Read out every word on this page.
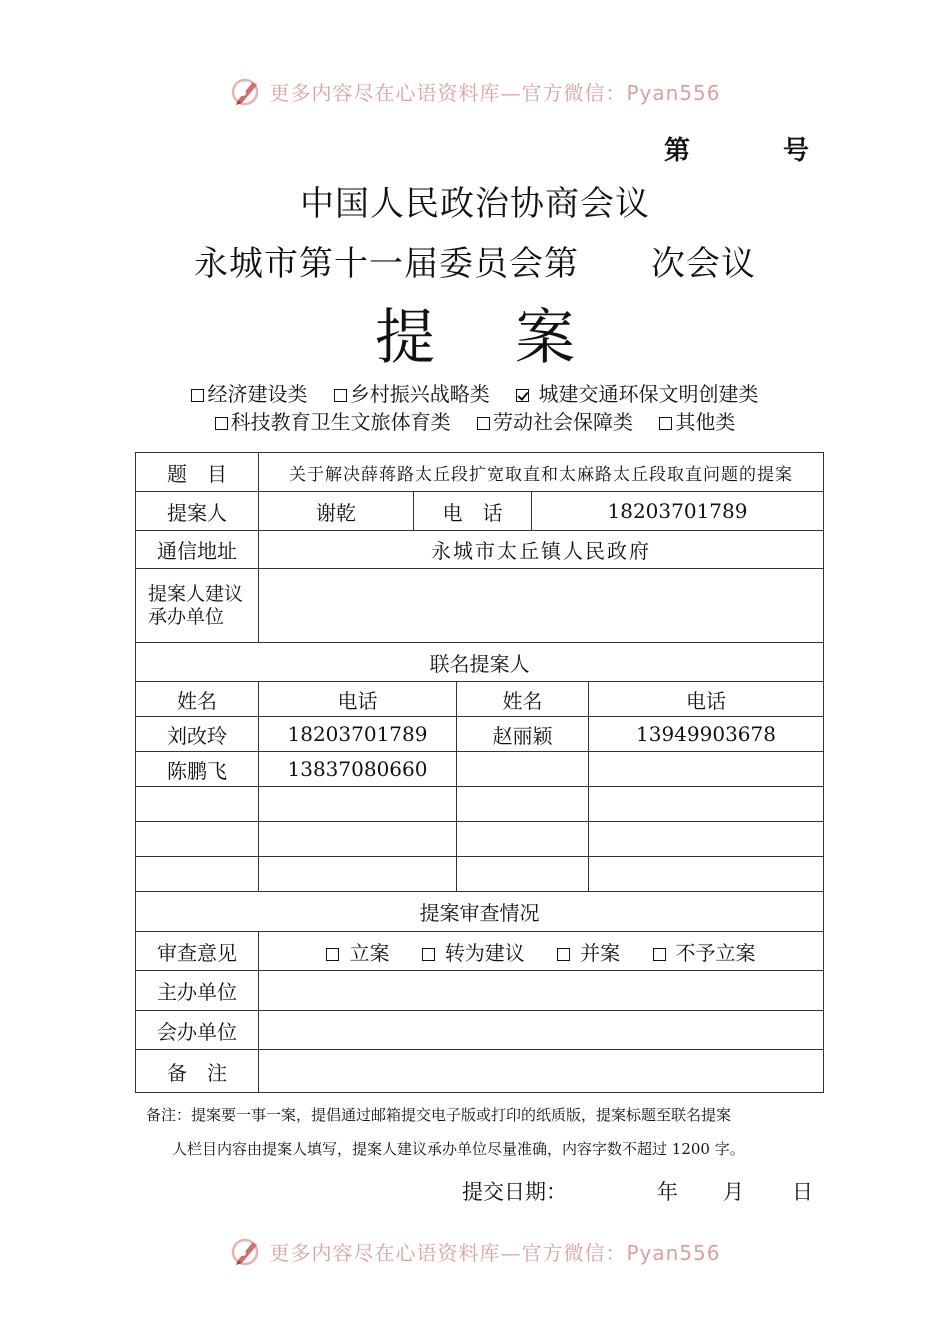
更多内容尽在心语资料库—官方微信：Pyan556
第	号
中国人民政治协商会议
永城市第十一届委员会第 次会议
提 案
经济建设类 乡村振兴战略类 城建交通环保文明创建类
科技教育卫生文旅体育类 劳动社会保障类 其他类
题　目	关于解决薛蒋路太丘段扩宽取直和太麻路太丘段取直问题的提案				
提案人	谢乾	电　话		18203701789	
通信地址	永城市太丘镇人民政府				
提案人建议承办单位					
联名提案人					
姓名	电话		姓名		电话
刘改玲	18203701789		赵丽颖		13949903678
陈鹏飞	13837080660				

提案审查情况					
审查意见	立案 转为建议 并案 不予立案				
主办单位					
会办单位					
备　注					
备注：提案要一事一案，提倡通过邮箱提交电子版或打印的纸质版，提案标题至联名提案
人栏目内容由提案人填写，提案人建议承办单位尽量准确，内容字数不超过 1200 字。
提交日期：	年 月 日
更多内容尽在心语资料库—官方微信：Pyan556
